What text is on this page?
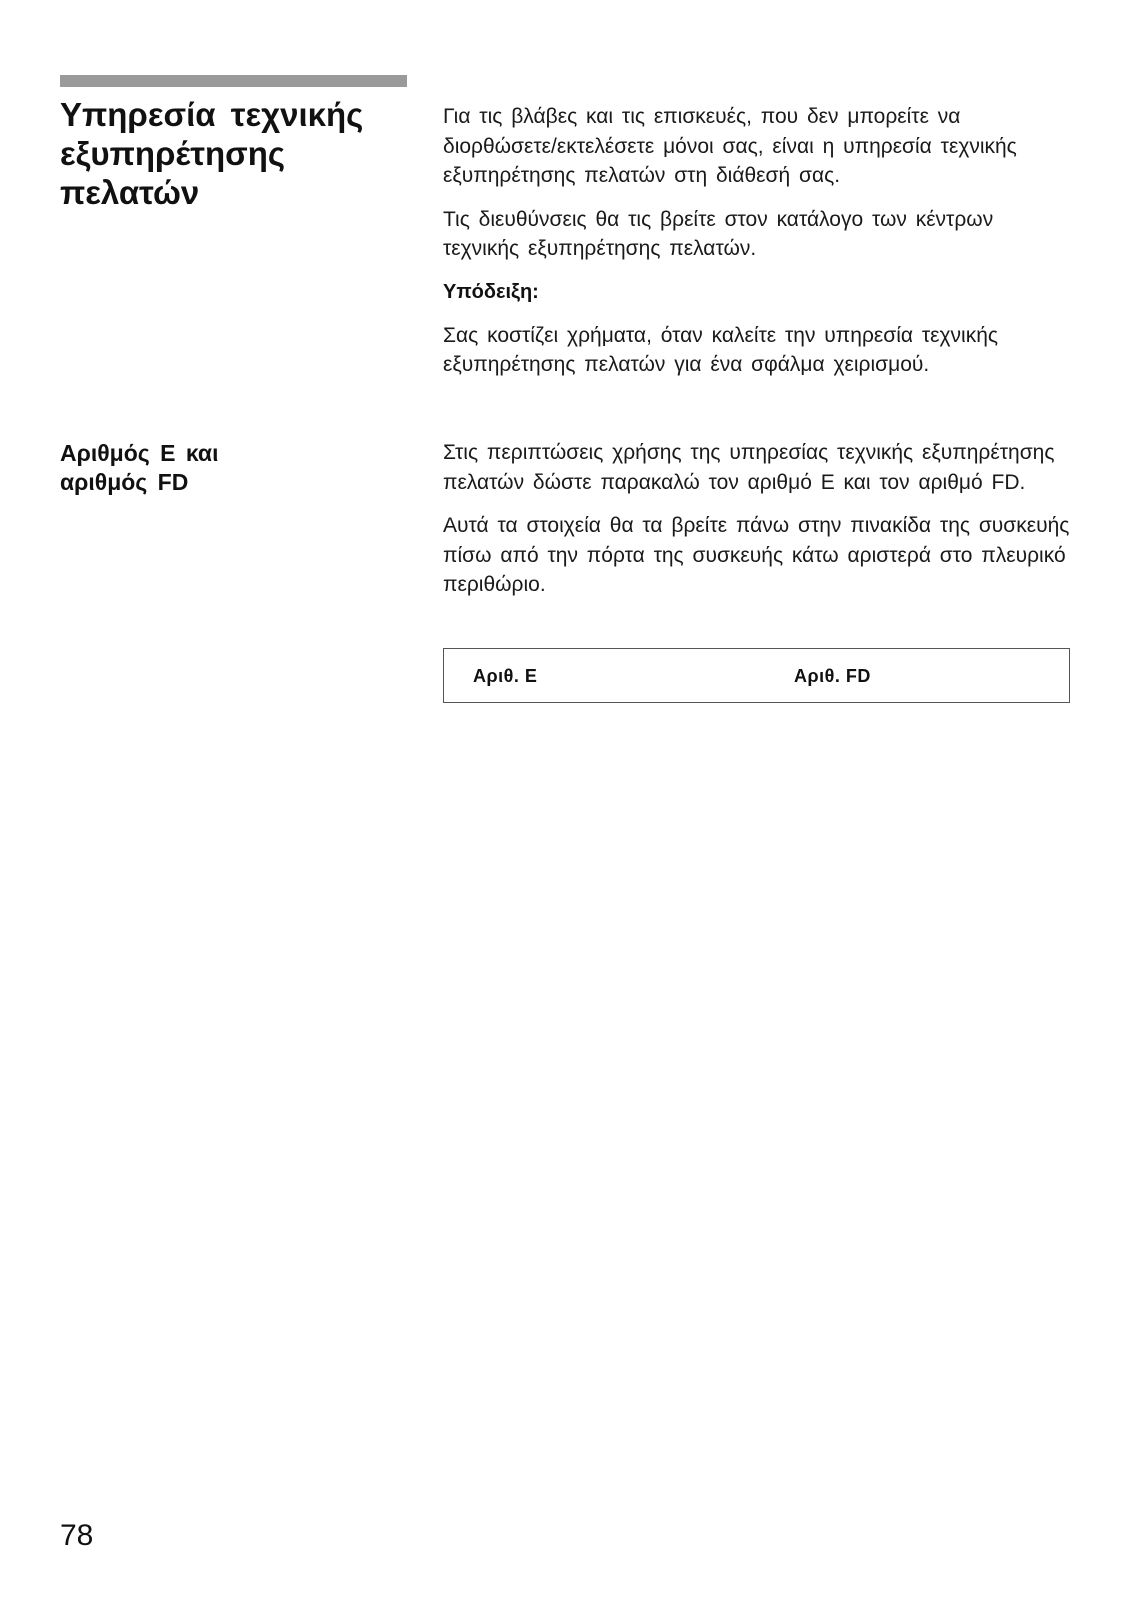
Υπηρεσία τεχνικής
εξυπηρέτησης
πελατών

Για τις βλάβες και τις επισκευές, που δεν μπορείτε να διορθώσετε/εκτελέσετε μόνοι σας, είναι η υπηρεσία τεχνικής εξυπηρέτησης πελατών στη διάθεσή σας.

Τις διευθύνσεις θα τις βρείτε στον κατάλογο των κέντρων τεχνικής εξυπηρέτησης πελατών.

Υπόδειξη:

Σας κοστίζει χρήματα, όταν καλείτε την υπηρεσία τεχνικής εξυπηρέτησης πελατών για ένα σφάλμα χειρισμού.

Αριθμός Ε και
αριθμός FD

Στις περιπτώσεις χρήσης της υπηρεσίας τεχνικής εξυπηρέτησης πελατών δώστε παρακαλώ τον αριθμό Ε και τον αριθμό FD.

Αυτά τα στοιχεία θα τα βρείτε πάνω στην πινακίδα της συσκευής πίσω από την πόρτα της συσκευής κάτω αριστερά στο πλευρικό περιθώριο.

Αριθ. Ε	Αριθ. FD
78
